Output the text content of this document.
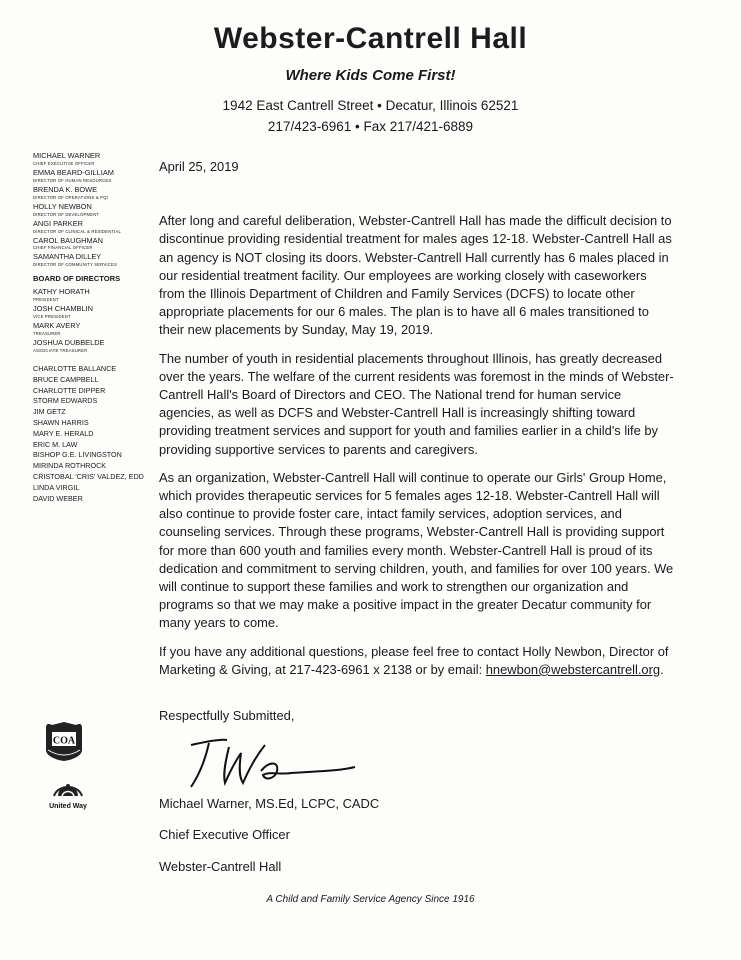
Webster-Cantrell Hall
Where Kids Come First!
1942 East Cantrell Street • Decatur, Illinois 62521
217/423-6961 • Fax 217/421-6889
MICHAEL WARNER
CHIEF EXECUTIVE OFFICER
EMMA BEARD-GILLIAM
DIRECTOR OF HUMAN RESOURCES
BRENDA K. BOWE
DIRECTOR OF OPERATIONS & PQI
HOLLY NEWBON
DIRECTOR OF DEVELOPMENT
ANGI PARKER
DIRECTOR OF CLINICAL & RESIDENTIAL
CAROL BAUGHMAN
CHIEF FINANCIAL OFFICER
SAMANTHA DILLEY
DIRECTOR OF COMMUNITY SERVICES
BOARD OF DIRECTORS
KATHY HORATH
PRESIDENT
JOSH CHAMBLIN
VICE PRESIDENT
MARK AVERY
TREASURER
JOSHUA DUBBELDE
ASSOCIATE TREASURER
CHARLOTTE BALLANCE
BRUCE CAMPBELL
CHARLOTTE DIPPER
STORM EDWARDS
JIM GETZ
SHAWN HARRIS
MARY E. HERALD
ERIC M. LAW
BISHOP G.E. LIVINGSTON
MIRINDA ROTHROCK
CRISTOBAL 'CRIS' VALDEZ, EDD
LINDA VIRGIL
DAVID WEBER

April 25, 2019

After long and careful deliberation, Webster-Cantrell Hall has made the difficult decision to discontinue providing residential treatment for males ages 12-18. Webster-Cantrell Hall as an agency is NOT closing its doors. Webster-Cantrell Hall currently has 6 males placed in our residential treatment facility. Our employees are working closely with caseworkers from the Illinois Department of Children and Family Services (DCFS) to locate other appropriate placements for our 6 males. The plan is to have all 6 males transitioned to their new placements by Sunday, May 19, 2019.

The number of youth in residential placements throughout Illinois, has greatly decreased over the years. The welfare of the current residents was foremost in the minds of Webster-Cantrell Hall's Board of Directors and CEO. The National trend for human service agencies, as well as DCFS and Webster-Cantrell Hall is increasingly shifting toward providing treatment services and support for youth and families earlier in a child's life by providing supportive services to parents and caregivers.

As an organization, Webster-Cantrell Hall will continue to operate our Girls' Group Home, which provides therapeutic services for 5 females ages 12-18. Webster-Cantrell Hall will also continue to provide foster care, intact family services, adoption services, and counseling services. Through these programs, Webster-Cantrell Hall is providing support for more than 600 youth and families every month. Webster-Cantrell Hall is proud of its dedication and commitment to serving children, youth, and families for over 100 years. We will continue to support these families and work to strengthen our organization and programs so that we may make a positive impact in the greater Decatur community for many years to come.

If you have any additional questions, please feel free to contact Holly Newbon, Director of Marketing & Giving, at 217-423-6961 x 2138 or by email: hnewbon@webstercantrell.org.

Respectfully Submitted,

Michael Warner, MS.Ed, LCPC, CADC

Chief Executive Officer

Webster-Cantrell Hall

COA
United Way
A Child and Family Service Agency Since 1916
